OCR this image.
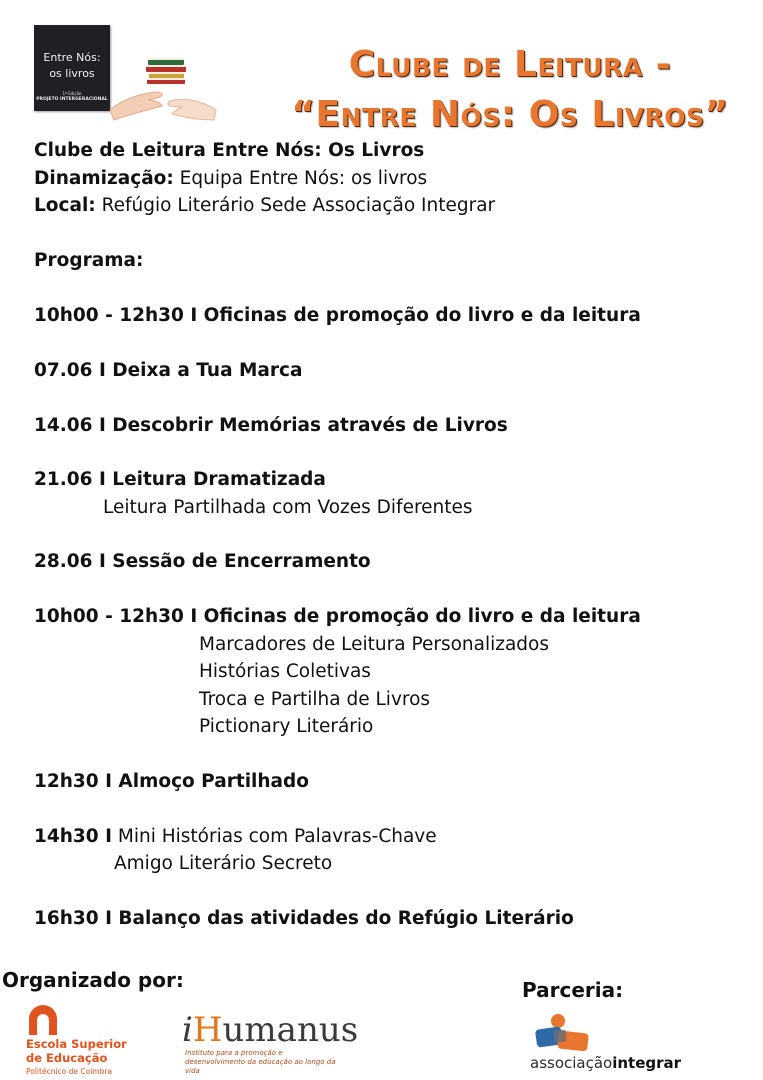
Entre Nós:
os livros
1ª Edição
PROJETO INTERGERACIONAL
Clube de Leitura -
“Entre Nós: Os Livros”
Clube de Leitura Entre Nós: Os Livros
Dinamização: Equipa Entre Nós: os livros
Local: Refúgio Literário Sede Associação Integrar
Programa:
10h00 - 12h30 I Oficinas de promoção do livro e da leitura
07.06 I Deixa a Tua Marca
14.06 I Descobrir Memórias através de Livros
21.06 I Leitura Dramatizada
Leitura Partilhada com Vozes Diferentes
28.06 I Sessão de Encerramento
10h00 - 12h30 I Oficinas de promoção do livro e da leitura
Marcadores de Leitura Personalizados
Histórias Coletivas
Troca e Partilha de Livros
Pictionary Literário
12h30 I Almoço Partilhado
14h30 I Mini Histórias com Palavras-Chave
Amigo Literário Secreto
16h30 I Balanço das atividades do Refúgio Literário
Organizado por:	Parceria:
Escola Superior
de Educação
Politécnico de Coimbra
iHumanus
Instituto para a promoção e desenvolvimento da educação ao longo da vida	associaçãointegrar
